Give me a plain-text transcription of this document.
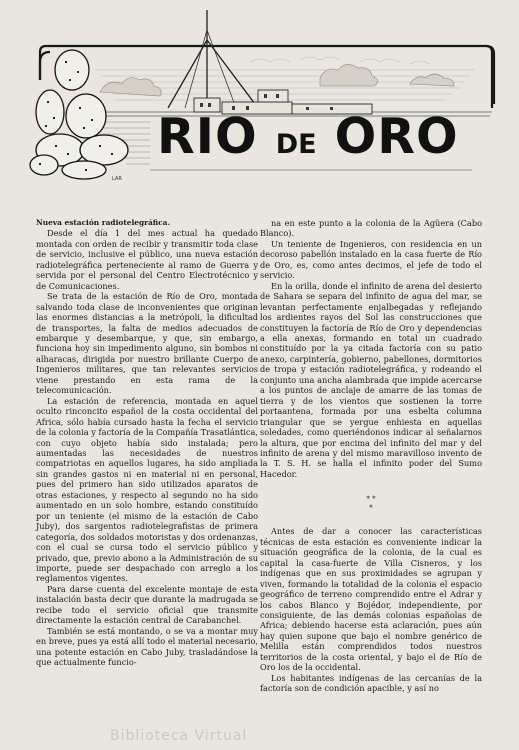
RIO DE ORO
LAR

Nueva estación radiotelegráfica.

Desde el día 1 del mes actual ha quedado montada con orden de recibir y transmitir toda clase de servicio, inclusive el público, una nueva estación radiotelegráfica perteneciente al ramo de Guerra y servida por el personal del Centro Electrotécnico y de Comunicaciones.

Se trata de la estación de Río de Oro, montada salvando toda clase de inconvenientes que originan las enormes distancias a la metrópoli, la dificultad de transportes, la falta de medios adecuados de embarque y desembarque, y que, sin embargo, funciona hoy sin impedimento alguno, sin bombos ni alharacas, dirigida por nuestro brillante Cuerpo de Ingenieros militares, que tan relevantes servicios viene prestando en esta rama de la telecomunicación.

La estación de referencia, montada en aquel oculto rinconcito español de la costa occidental del Africa, sólo había cursado hasta la fecha el servicio de la colonia y factoría de la Compañía Trasatlántica, con cuyo objeto había sido instalada; pero aumentadas las necesidades de nuestros compatriotas en aquellos lugares, ha sido ampliada sin grandes gastos ni en material ni en personal, pues del primero han sido utilizados aparatos de otras estaciones, y respecto al segundo no ha sido aumentado en un solo hombre, estando constituído por un teniente (el mismo de la estación de Cabo Juby), dos sargentos radiotelegrafistas de primera categoría, dos soldados motoristas y dos ordenanzas, con el cual se cursa todo el servicio público y privado, que, previo abono a la Administración de su importe, puede ser despachado con arreglo a los reglamentos vigentes.

Para darse cuenta del excelente montaje de esta instalación basta decir que durante la madrugada se recibe todo el servicio oficial que transmite directamente la estación central de Carabanchel.

También se está montando, o se va a montar muy en breve, pues ya está allí todo el material necesario, una potente estación en Cabo Juby, trasladándose la que actualmente funcio-

na en este punto a la colonia de la Agüera (Cabo Blanco).

Un teniente de Ingenieros, con residencia en un decoroso pabellón instalado en la casa fuerte de Río de Oro, es, como antes decimos, el jefe de todo el servicio.

En la orilla, donde el infinito de arena del desierto de Sahara se separa del infinito de agua del mar, se levantan perfectamente enjalbegadas y reflejando los ardientes rayos del Sol las construcciones que constituyen la factoría de Río de Oro y dependencias a ella anexas, formando en total un cuadrado constituído por la ya citada factoría con su patio anexo, carpintería, gobierno, pabellones, dormitorios de tropa y estación radiotelegráfica, y rodeando el conjunto una ancha alambrada que impide acercarse a los puntos de anclaje de amarre de las tomas de tierra y de los vientos que sostienen la torre portaantena, formada por una esbelta columna triangular que se yergue enhiesta en aquellas soledades, como queriéndonos indicar al señalarnos la altura, que por encima del infinito del mar y del infinito de arena y del mismo maravilloso invento de la T. S. H. se halla el infinito poder del Sumo Hacedor.

* *
*

Antes de dar a conocer las características técnicas de esta estación es conveniente indicar la situación geográfica de la colonia, de la cual es capital la casa-fuerte de Villa Cisneros, y los indígenas que en sus proximidades se agrupan y viven, formando la totalidad de la colonia el espacio geográfico de terreno comprendido entre el Adrar y los cabos Blanco y Bojédor, independiente, por consiguiente, de las demás colonias españolas de Africa; debiendo hacerse esta aclaración, pues aún hay quien supone que bajo el nombre genérico de Melilla están comprendidos todos nuestros territorios de la costa oriental, y bajo el de Río de Oro los de la occidental.

Los habitantes indígenas de las cercanías de la factoría son de condición apacible, y así no

Biblioteca Virtual
